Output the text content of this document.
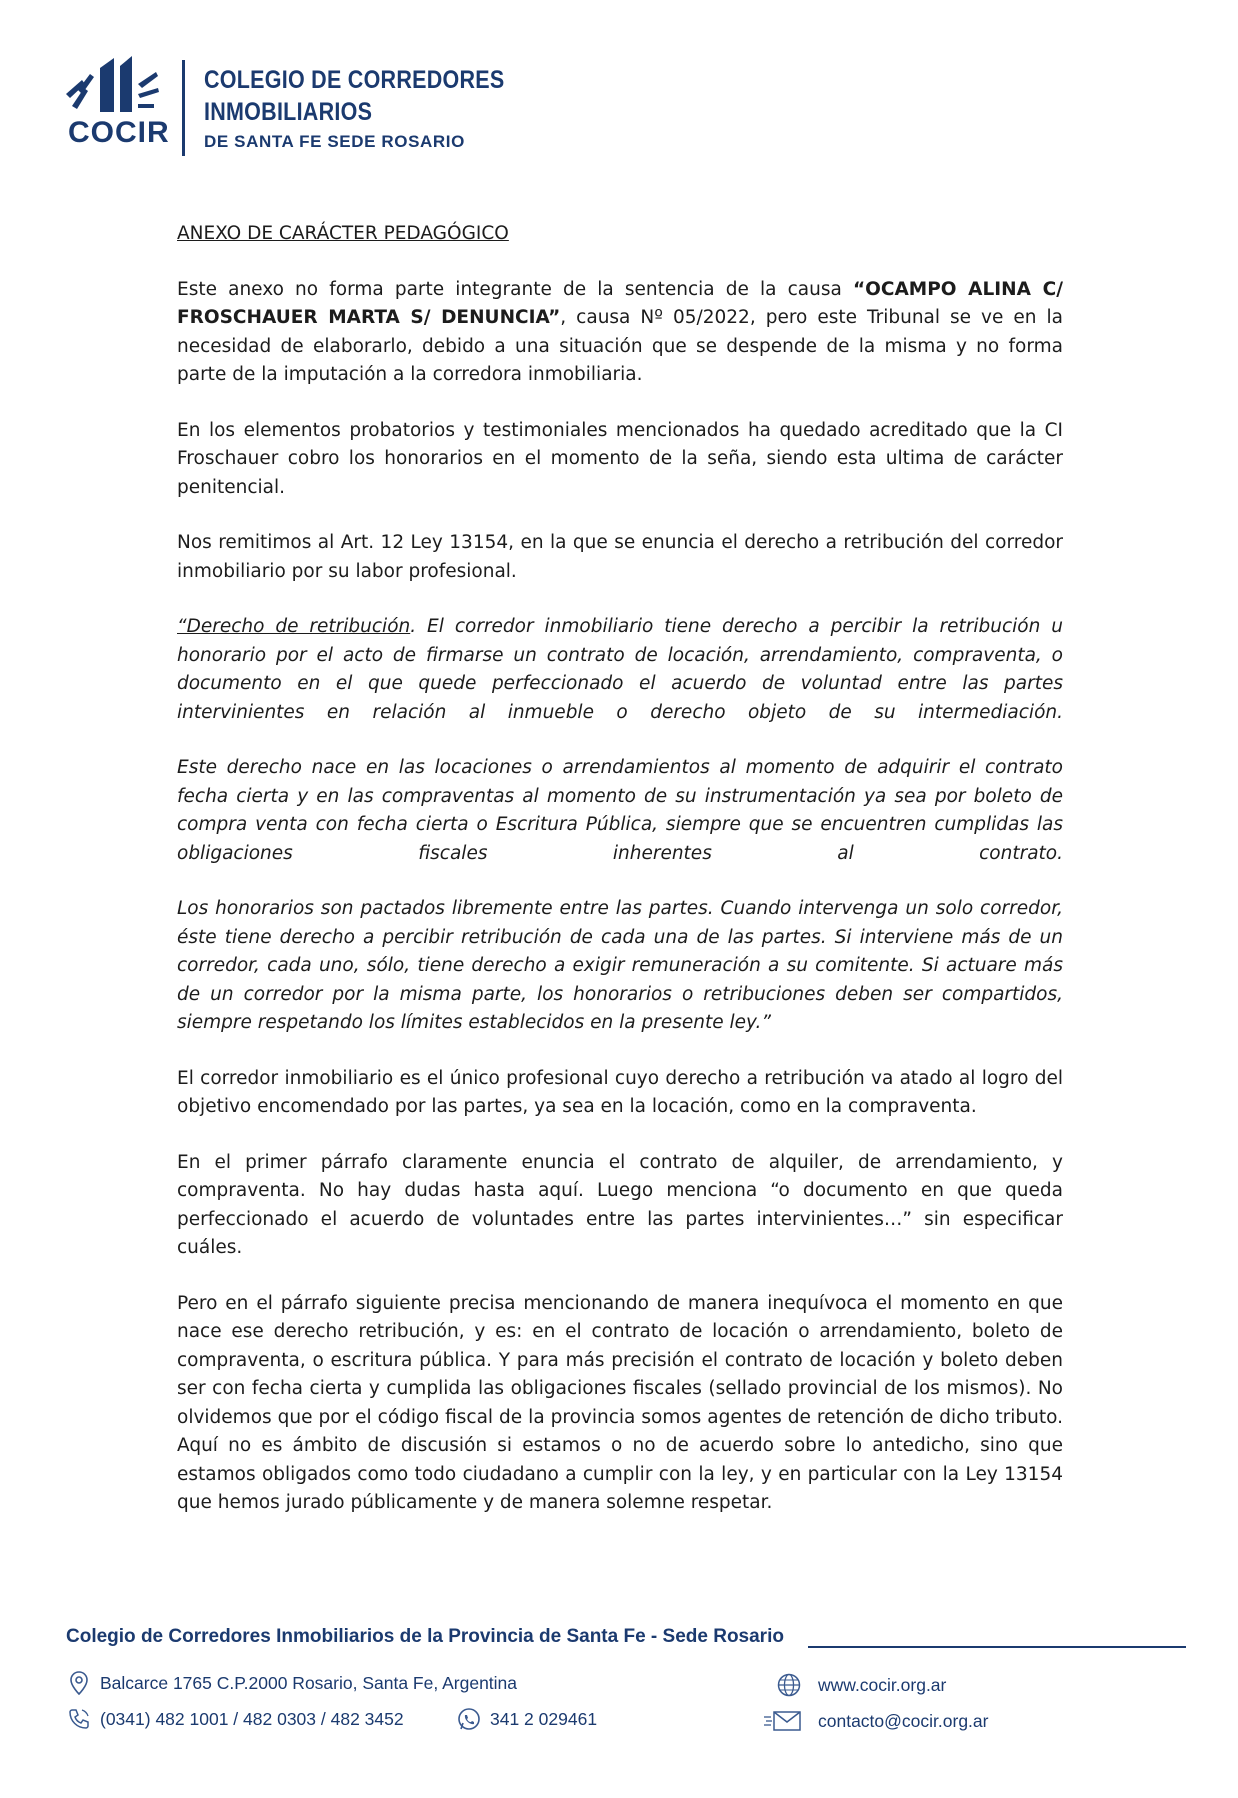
COCIR
COLEGIO DE CORREDORES
INMOBILIARIOS
DE SANTA FE SEDE ROSARIO
ANEXO DE CARÁCTER PEDAGÓGICO

Este anexo no forma parte integrante de la sentencia de la causa “OCAMPO ALINA C/ FROSCHAUER MARTA S/ DENUNCIA”, causa Nº 05/2022, pero este Tribunal se ve en la necesidad de elaborarlo, debido a una situación que se despende de la misma y no forma parte de la imputación a la corredora inmobiliaria.

En los elementos probatorios y testimoniales mencionados ha quedado acreditado que la CI Froschauer cobro los honorarios en el momento de la seña, siendo esta ultima de carácter penitencial.

Nos remitimos al Art. 12 Ley 13154, en la que se enuncia el derecho a retribución del corredor inmobiliario por su labor profesional.

“Derecho de retribución. El corredor inmobiliario tiene derecho a percibir la retribución u honorario por el acto de firmarse un contrato de locación, arrendamiento, compraventa, o documento en el que quede perfeccionado el acuerdo de voluntad entre las partes intervinientes en relación al inmueble o derecho objeto de su intermediación.

Este derecho nace en las locaciones o arrendamientos al momento de adquirir el contrato fecha cierta y en las compraventas al momento de su instrumentación ya sea por boleto de compra venta con fecha cierta o Escritura Pública, siempre que se encuentren cumplidas las obligaciones fiscales inherentes al contrato.

Los honorarios son pactados libremente entre las partes. Cuando intervenga un solo corredor, éste tiene derecho a percibir retribución de cada una de las partes. Si interviene más de un corredor, cada uno, sólo, tiene derecho a exigir remuneración a su comitente. Si actuare más de un corredor por la misma parte, los honorarios o retribuciones deben ser compartidos, siempre respetando los límites establecidos en la presente ley.”

El corredor inmobiliario es el único profesional cuyo derecho a retribución va atado al logro del objetivo encomendado por las partes, ya sea en la locación, como en la compraventa.

En el primer párrafo claramente enuncia el contrato de alquiler, de arrendamiento, y compraventa. No hay dudas hasta aquí. Luego menciona “o documento en que queda perfeccionado el acuerdo de voluntades entre las partes intervinientes…” sin especificar cuáles.

Pero en el párrafo siguiente precisa mencionando de manera inequívoca el momento en que nace ese derecho retribución, y es: en el contrato de locación o arrendamiento, boleto de compraventa, o escritura pública. Y para más precisión el contrato de locación y boleto deben ser con fecha cierta y cumplida las obligaciones fiscales (sellado provincial de los mismos). No olvidemos que por el código fiscal de la provincia somos agentes de retención de dicho tributo. Aquí no es ámbito de discusión si estamos o no de acuerdo sobre lo antedicho, sino que estamos obligados como todo ciudadano a cumplir con la ley, y en particular con la Ley 13154 que hemos jurado públicamente y de manera solemne respetar.

Colegio de Corredores Inmobiliarios de la Provincia de Santa Fe - Sede Rosario
Balcarce 1765 C.P.2000 Rosario, Santa Fe, Argentina
(0341) 482 1001 / 482 0303 / 482 3452	341 2 029461
www.cocir.org.ar
contacto@cocir.org.ar
